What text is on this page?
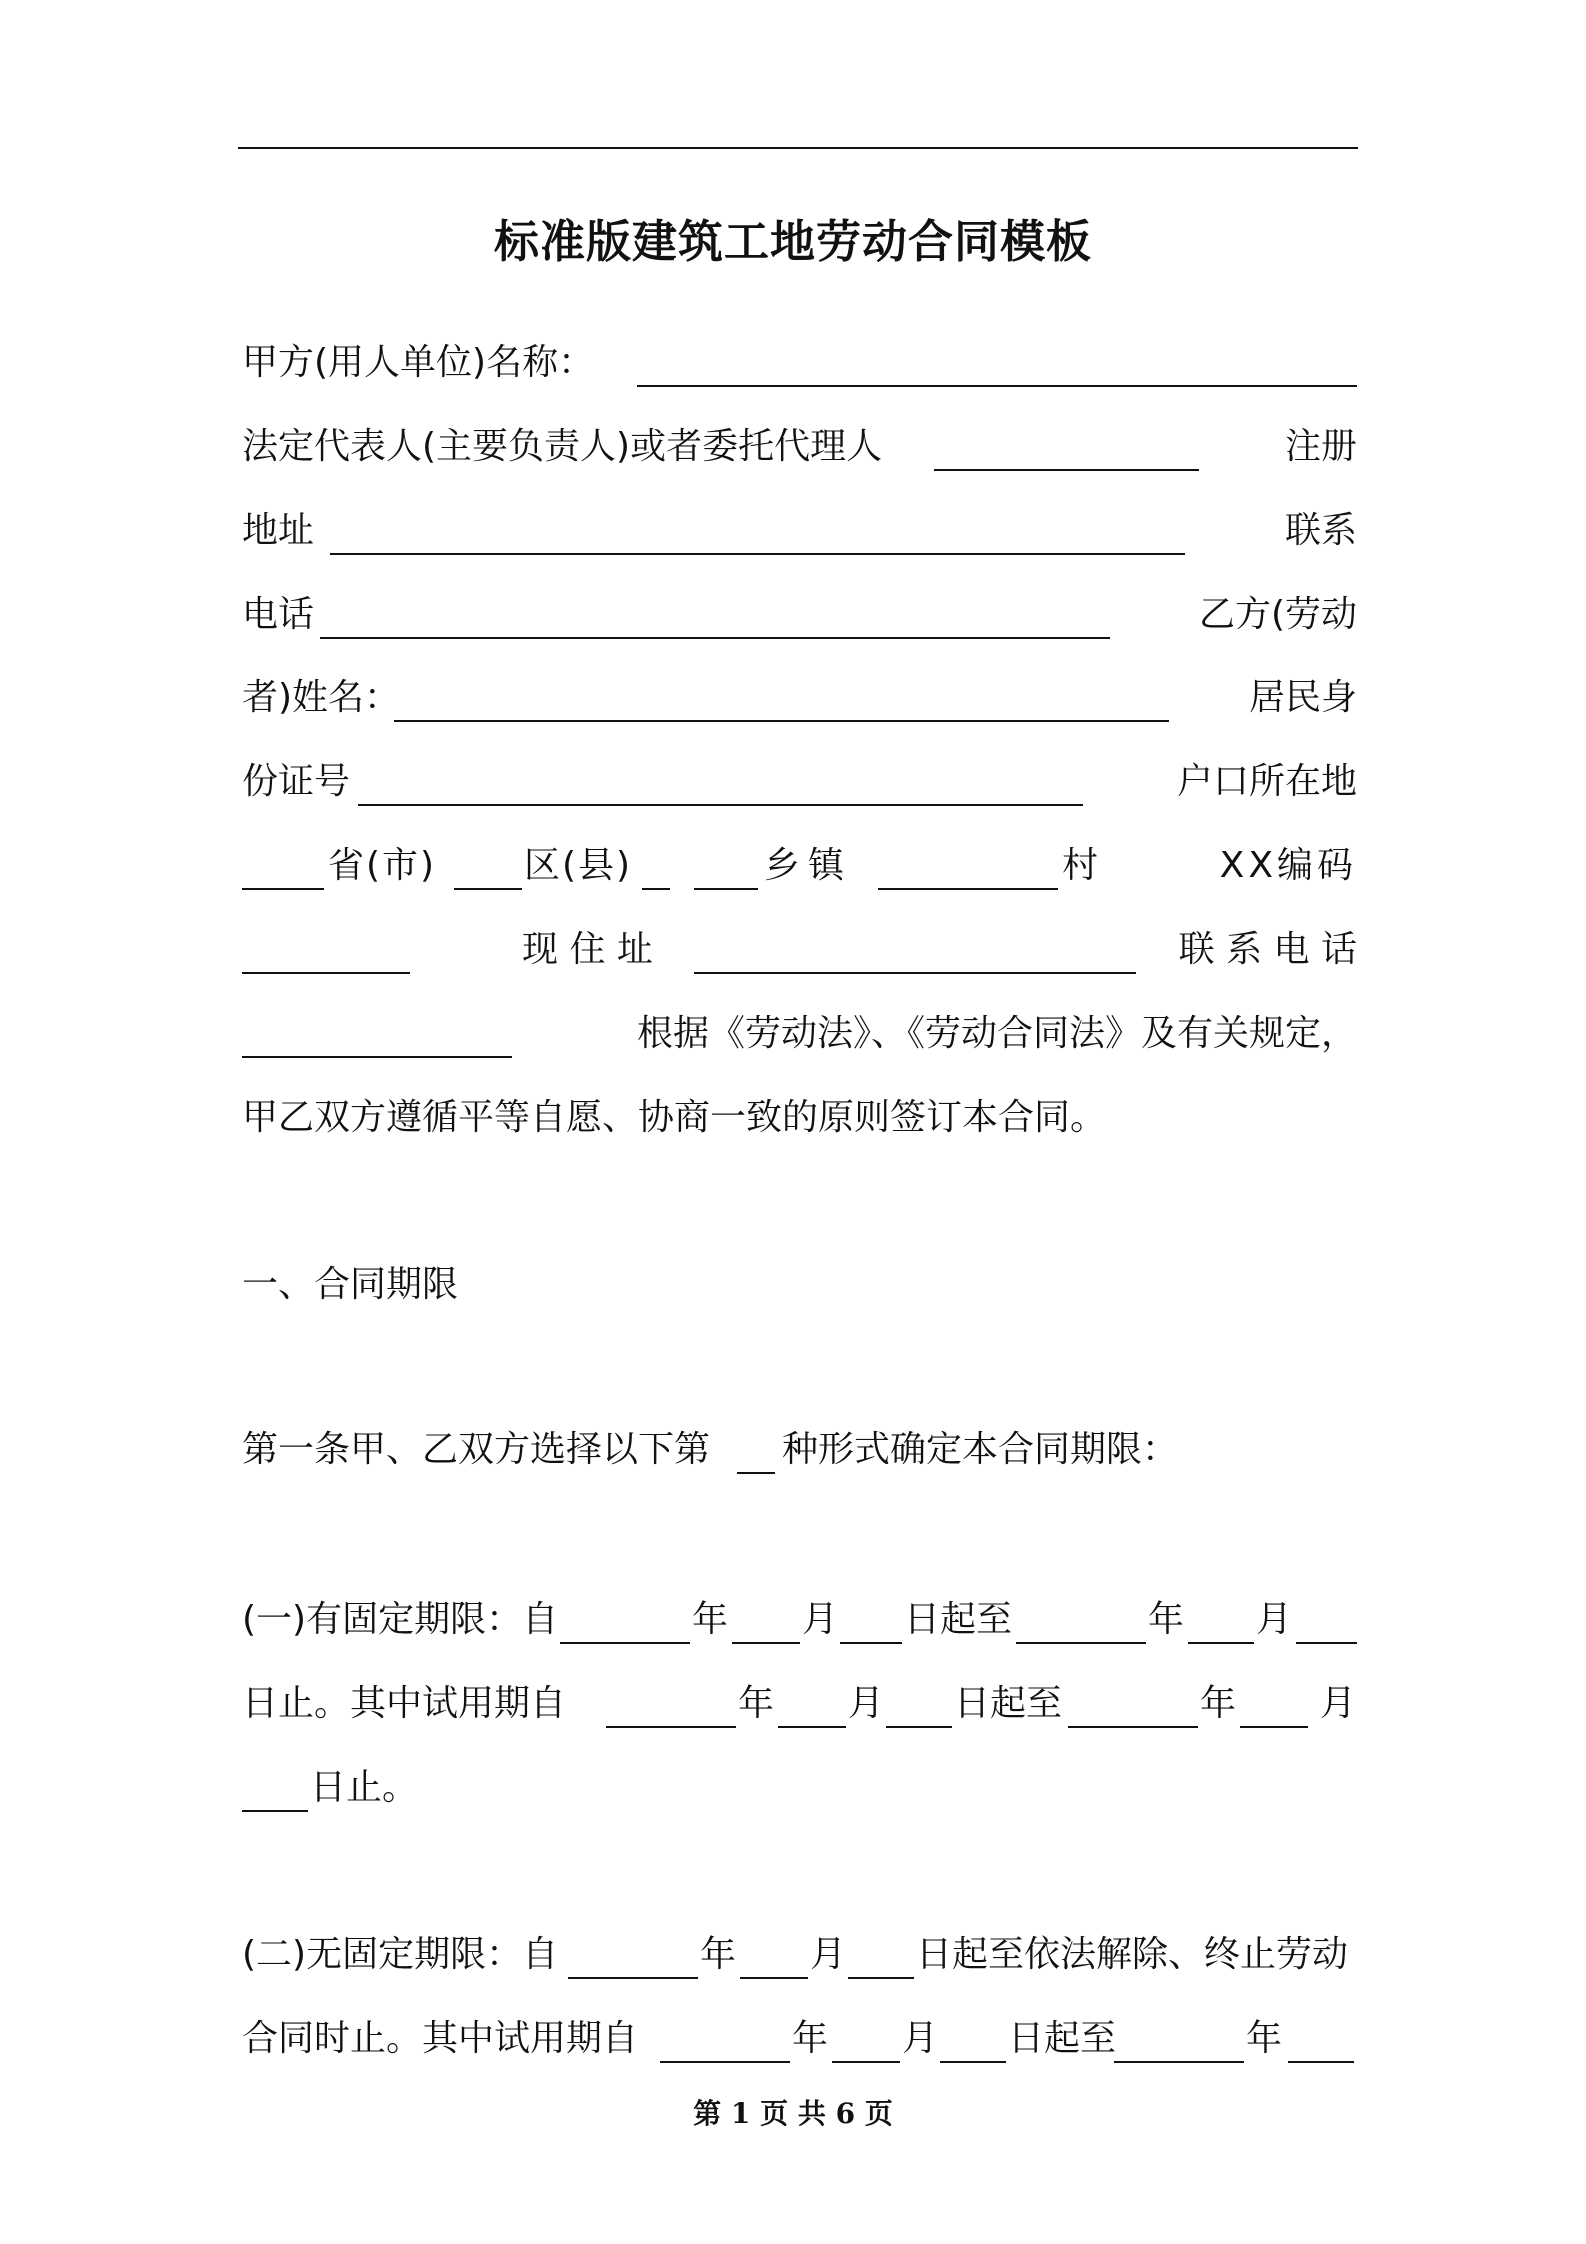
标准版建筑工地劳动合同模板
甲方(用人单位)名称：
法定代表人(主要负责人)或者委托代理人	注册
地址	联系
电话	乙方(劳动
者)姓名：	居民身
份证号	户口所在地
省(市) 区(县)	乡镇	村	XX编码
现 住 址	联 系 电 话
根据《劳动法》、《劳动合同法》及有关规定，
甲乙双方遵循平等自愿、协商一致的原则签订本合同。
一、合同期限
第一条甲、乙双方选择以下第 种形式确定本合同期限：
(一)有固定期限：自	年 月 日起至	年 月
日止。其中试用期自	年 月 日起至	年 月
日止。
(二)无固定期限：自	年 月 日起至依法解除、终止劳动
合同时止。其中试用期自	年 月 日起至	年
第 1 页 共 6 页
